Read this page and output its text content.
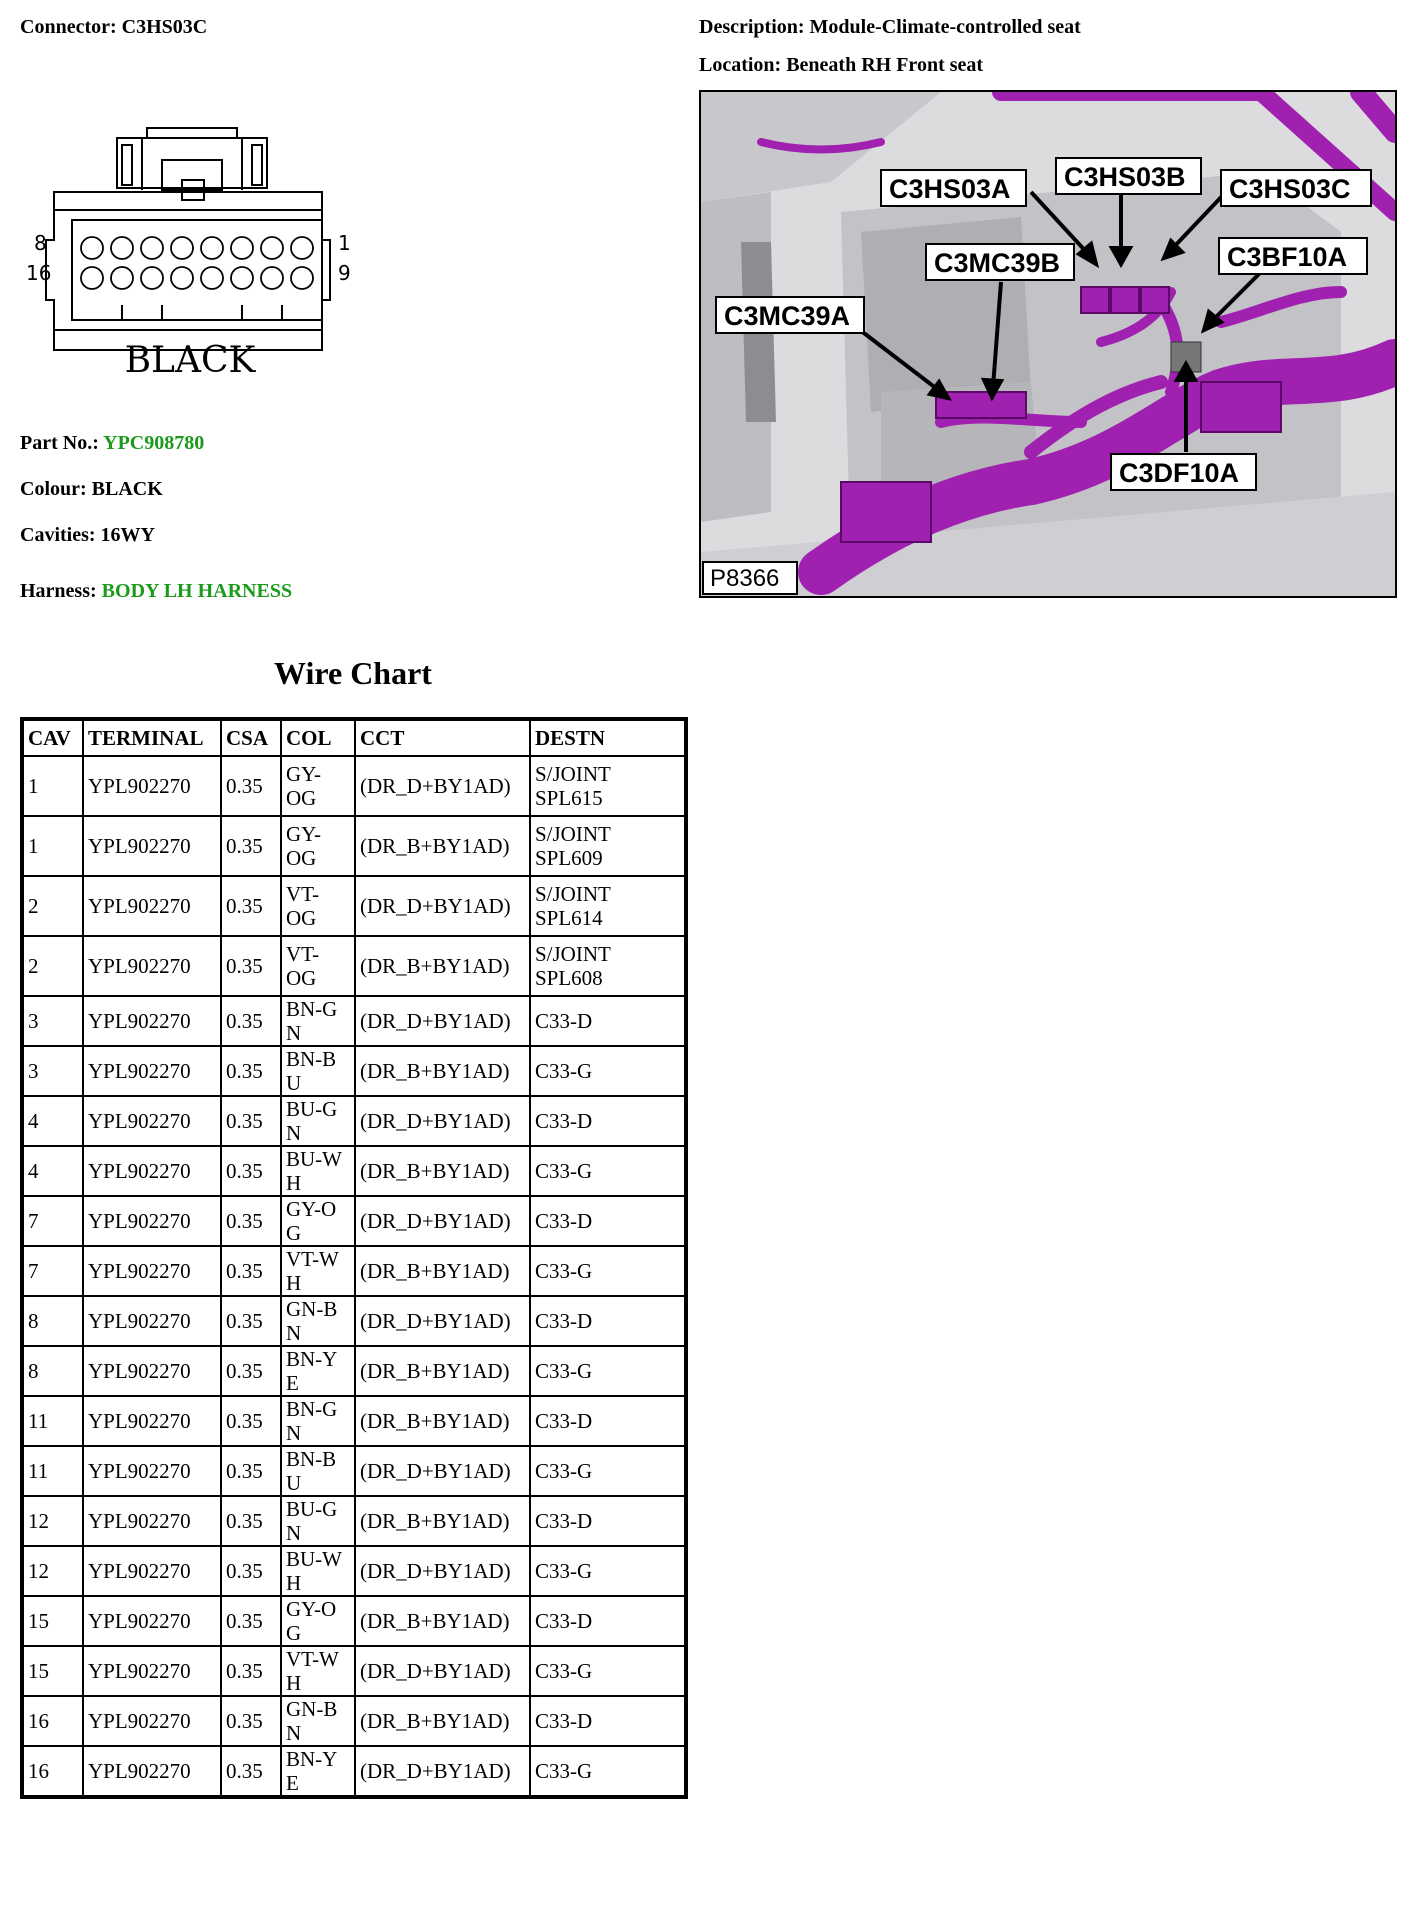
Connector: C3HS03C	Description: Module-Climate-controlled seat
Location: Beneath RH Front seat
8	1
16	9
BLACK
C3HS03A C3HS03B C3HS03C
C3MC39B	C3BF10A
C3MC39A
C3DF10A
P8366
Part No.: YPC908780
Colour: BLACK
Cavities: 16WY
Harness: BODY LH HARNESS
Wire Chart
CAV	TERMINAL	CSA	COL	CCT	DESTN
1	YPL902270	0.35	GY-
OG	(DR_D+BY1AD)	S/JOINT SPL615
1	YPL902270	0.35	GY-
OG	(DR_B+BY1AD)	S/JOINT SPL609
2	YPL902270	0.35	VT-
OG	(DR_D+BY1AD)	S/JOINT SPL614
2	YPL902270	0.35	VT-
OG	(DR_B+BY1AD)	S/JOINT SPL608
3	YPL902270	0.35	BN-GN	(DR_D+BY1AD)	C33-D
3	YPL902270	0.35	BN-BU	(DR_B+BY1AD)	C33-G
4	YPL902270	0.35	BU-GN	(DR_D+BY1AD)	C33-D
4	YPL902270	0.35	BU-WH	(DR_B+BY1AD)	C33-G
7	YPL902270	0.35	GY-OG	(DR_D+BY1AD)	C33-D
7	YPL902270	0.35	VT-WH	(DR_B+BY1AD)	C33-G
8	YPL902270	0.35	GN-BN	(DR_D+BY1AD)	C33-D
8	YPL902270	0.35	BN-YE	(DR_B+BY1AD)	C33-G
11	YPL902270	0.35	BN-GN	(DR_B+BY1AD)	C33-D
11	YPL902270	0.35	BN-BU	(DR_D+BY1AD)	C33-G
12	YPL902270	0.35	BU-GN	(DR_B+BY1AD)	C33-D
12	YPL902270	0.35	BU-WH	(DR_D+BY1AD)	C33-G
15	YPL902270	0.35	GY-OG	(DR_B+BY1AD)	C33-D
15	YPL902270	0.35	VT-WH	(DR_D+BY1AD)	C33-G
16	YPL902270	0.35	GN-BN	(DR_B+BY1AD)	C33-D
16	YPL902270	0.35	BN-YE	(DR_D+BY1AD)	C33-G
